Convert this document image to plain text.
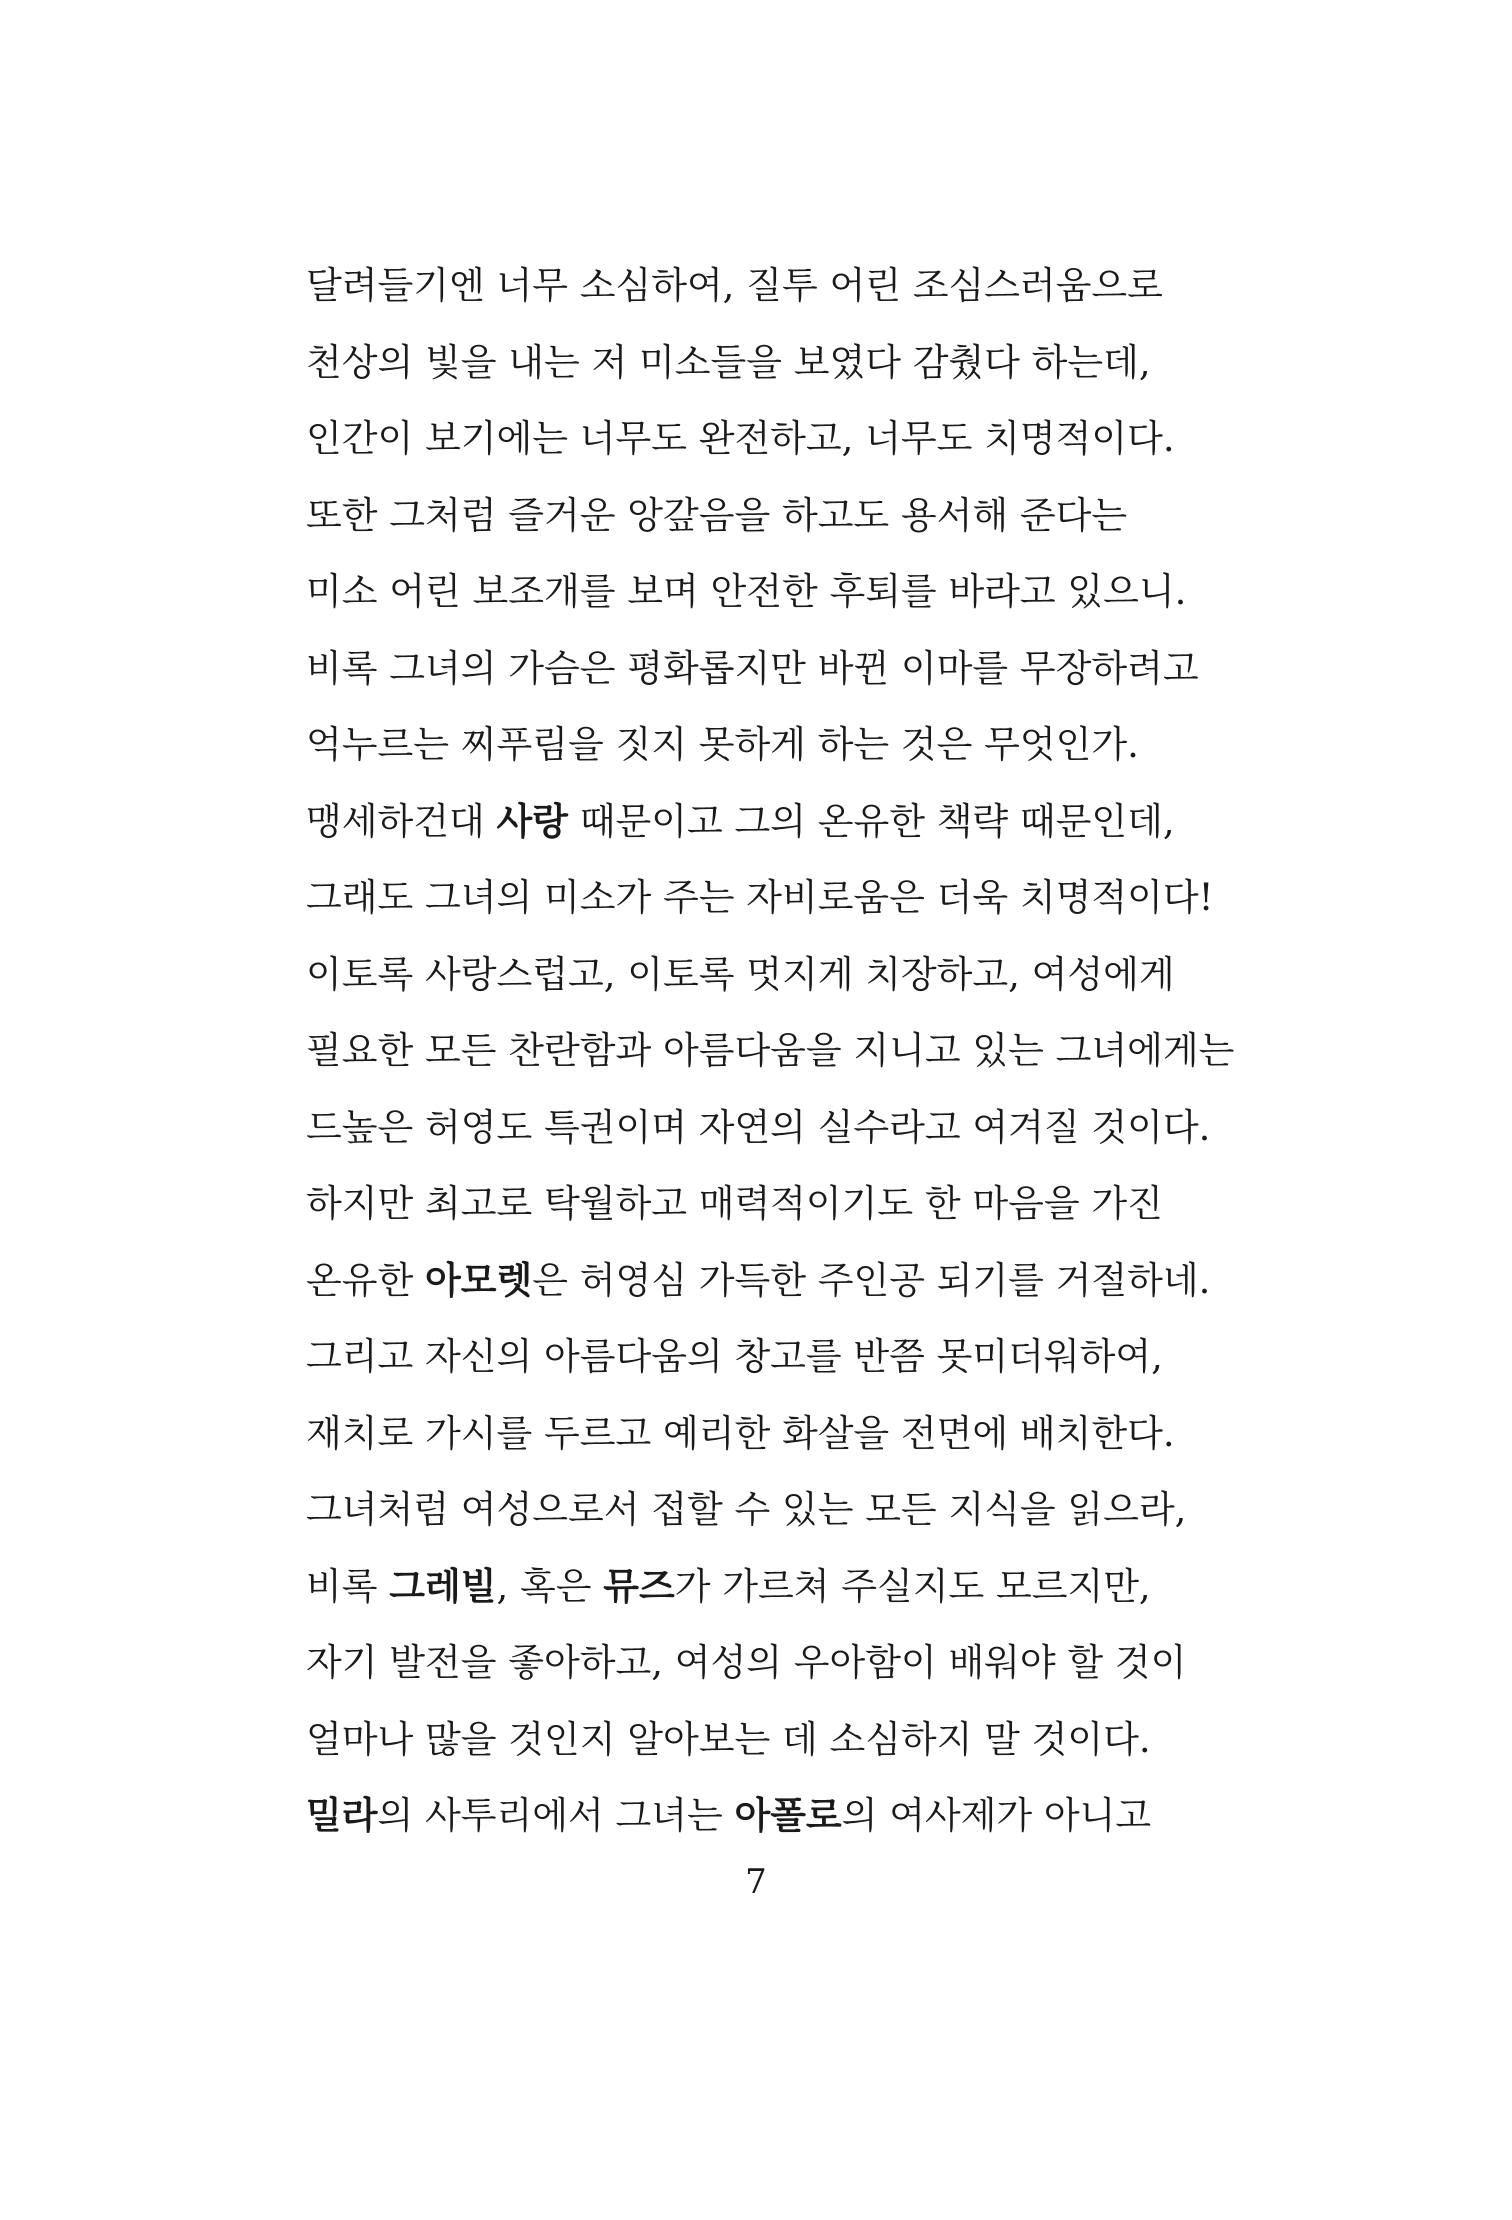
달려들기엔 너무 소심하여, 질투 어린 조심스러움으로
천상의 빛을 내는 저 미소들을 보였다 감췄다 하는데,
인간이 보기에는 너무도 완전하고, 너무도 치명적이다.
또한 그처럼 즐거운 앙갚음을 하고도 용서해 준다는
미소 어린 보조개를 보며 안전한 후퇴를 바라고 있으니.
비록 그녀의 가슴은 평화롭지만 바뀐 이마를 무장하려고
억누르는 찌푸림을 짓지 못하게 하는 것은 무엇인가.
맹세하건대 사랑 때문이고 그의 온유한 책략 때문인데,
그래도 그녀의 미소가 주는 자비로움은 더욱 치명적이다!
이토록 사랑스럽고, 이토록 멋지게 치장하고, 여성에게
필요한 모든 찬란함과 아름다움을 지니고 있는 그녀에게는
드높은 허영도 특권이며 자연의 실수라고 여겨질 것이다.
하지만 최고로 탁월하고 매력적이기도 한 마음을 가진
온유한 아모렛은 허영심 가득한 주인공 되기를 거절하네.
그리고 자신의 아름다움의 창고를 반쯤 못미더워하여,
재치로 가시를 두르고 예리한 화살을 전면에 배치한다.
그녀처럼 여성으로서 접할 수 있는 모든 지식을 읽으라,
비록 그레빌, 혹은 뮤즈가 가르쳐 주실지도 모르지만,
자기 발전을 좋아하고, 여성의 우아함이 배워야 할 것이
얼마나 많을 것인지 알아보는 데 소심하지 말 것이다.
밀라의 사투리에서 그녀는 아폴로의 여사제가 아니고
7
